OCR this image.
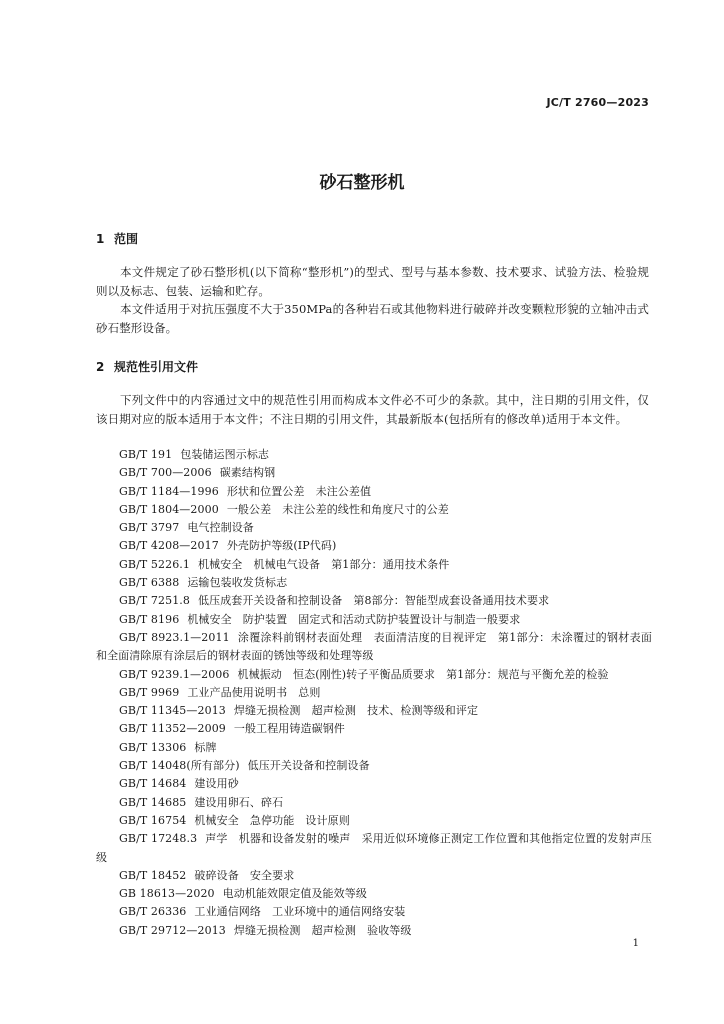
JC/T 2760—2023
砂石整形机
1 范围
本文件规定了砂石整形机(以下简称“整形机”)的型式、型号与基本参数、技术要求、试验方法、检验规则以及标志、包装、运输和贮存。
本文件适用于对抗压强度不大于350MPa的各种岩石或其他物料进行破碎并改变颗粒形貌的立轴冲击式砂石整形设备。
2 规范性引用文件
下列文件中的内容通过文中的规范性引用而构成本文件必不可少的条款。其中，注日期的引用文件，仅该日期对应的版本适用于本文件；不注日期的引用文件，其最新版本(包括所有的修改单)适用于本文件。
GB/T 191 包装储运图示标志
GB/T 700—2006 碳素结构钢
GB/T 1184—1996 形状和位置公差　未注公差值
GB/T 1804—2000 一般公差　未注公差的线性和角度尺寸的公差
GB/T 3797 电气控制设备
GB/T 4208—2017 外壳防护等级(IP代码)
GB/T 5226.1 机械安全　机械电气设备　第1部分：通用技术条件
GB/T 6388 运输包装收发货标志
GB/T 7251.8 低压成套开关设备和控制设备　第8部分：智能型成套设备通用技术要求
GB/T 8196 机械安全　防护装置　固定式和活动式防护装置设计与制造一般要求
GB/T 8923.1—2011 涂覆涂料前钢材表面处理　表面清洁度的目视评定　第1部分：未涂覆过的钢材表面和全面清除原有涂层后的钢材表面的锈蚀等级和处理等级
GB/T 9239.1—2006 机械振动　恒态(刚性)转子平衡品质要求　第1部分：规范与平衡允差的检验
GB/T 9969 工业产品使用说明书　总则
GB/T 11345—2013 焊缝无损检测　超声检测　技术、检测等级和评定
GB/T 11352—2009 一般工程用铸造碳钢件
GB/T 13306 标牌
GB/T 14048(所有部分) 低压开关设备和控制设备
GB/T 14684 建设用砂
GB/T 14685 建设用卵石、碎石
GB/T 16754 机械安全　急停功能　设计原则
GB/T 17248.3 声学　机器和设备发射的噪声　采用近似环境修正测定工作位置和其他指定位置的发射声压级
GB/T 18452 破碎设备　安全要求
GB 18613—2020 电动机能效限定值及能效等级
GB/T 26336 工业通信网络　工业环境中的通信网络安装
GB/T 29712—2013 焊缝无损检测　超声检测　验收等级
1
